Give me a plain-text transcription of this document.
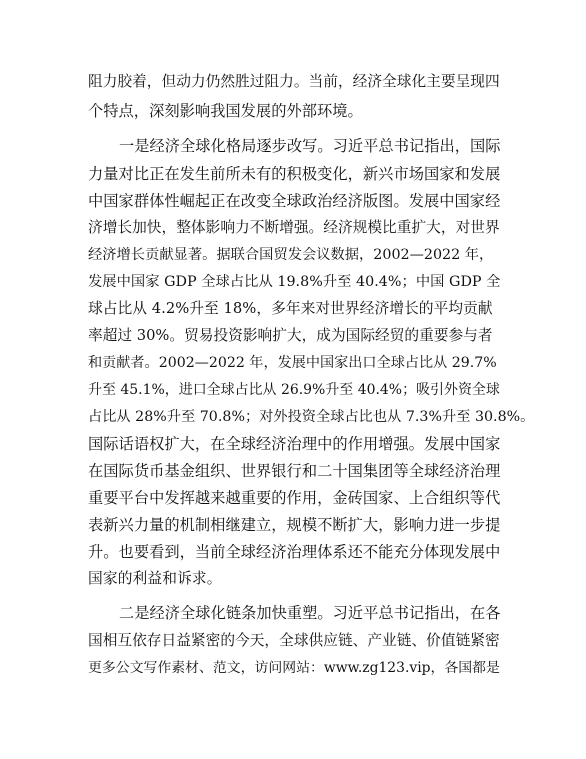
阻力胶着，但动力仍然胜过阻力。当前，经济全球化主要呈现四
个特点，深刻影响我国发展的外部环境。
一是经济全球化格局逐步改写。习近平总书记指出，国际
力量对比正在发生前所未有的积极变化，新兴市场国家和发展
中国家群体性崛起正在改变全球政治经济版图。发展中国家经
济增长加快，整体影响力不断增强。经济规模比重扩大，对世界
经济增长贡献显著。据联合国贸发会议数据，2002—2022 年，
发展中国家 GDP 全球占比从 19.8%升至 40.4%；中国 GDP 全
球占比从 4.2%升至 18%，多年来对世界经济增长的平均贡献
率超过 30%。贸易投资影响扩大，成为国际经贸的重要参与者
和贡献者。2002—2022 年，发展中国家出口全球占比从 29.7%
升至 45.1%，进口全球占比从 26.9%升至 40.4%；吸引外资全球
占比从 28%升至 70.8%；对外投资全球占比也从 7.3%升至 30.8%。
国际话语权扩大，在全球经济治理中的作用增强。发展中国家
在国际货币基金组织、世界银行和二十国集团等全球经济治理
重要平台中发挥越来越重要的作用，金砖国家、上合组织等代
表新兴力量的机制相继建立，规模不断扩大，影响力进一步提
升。也要看到，当前全球经济治理体系还不能充分体现发展中
国家的利益和诉求。
二是经济全球化链条加快重塑。习近平总书记指出，在各
国相互依存日益紧密的今天，全球供应链、产业链、价值链紧密
更多公文写作素材、范文，访问网站：www.zg123.vip，各国都是
